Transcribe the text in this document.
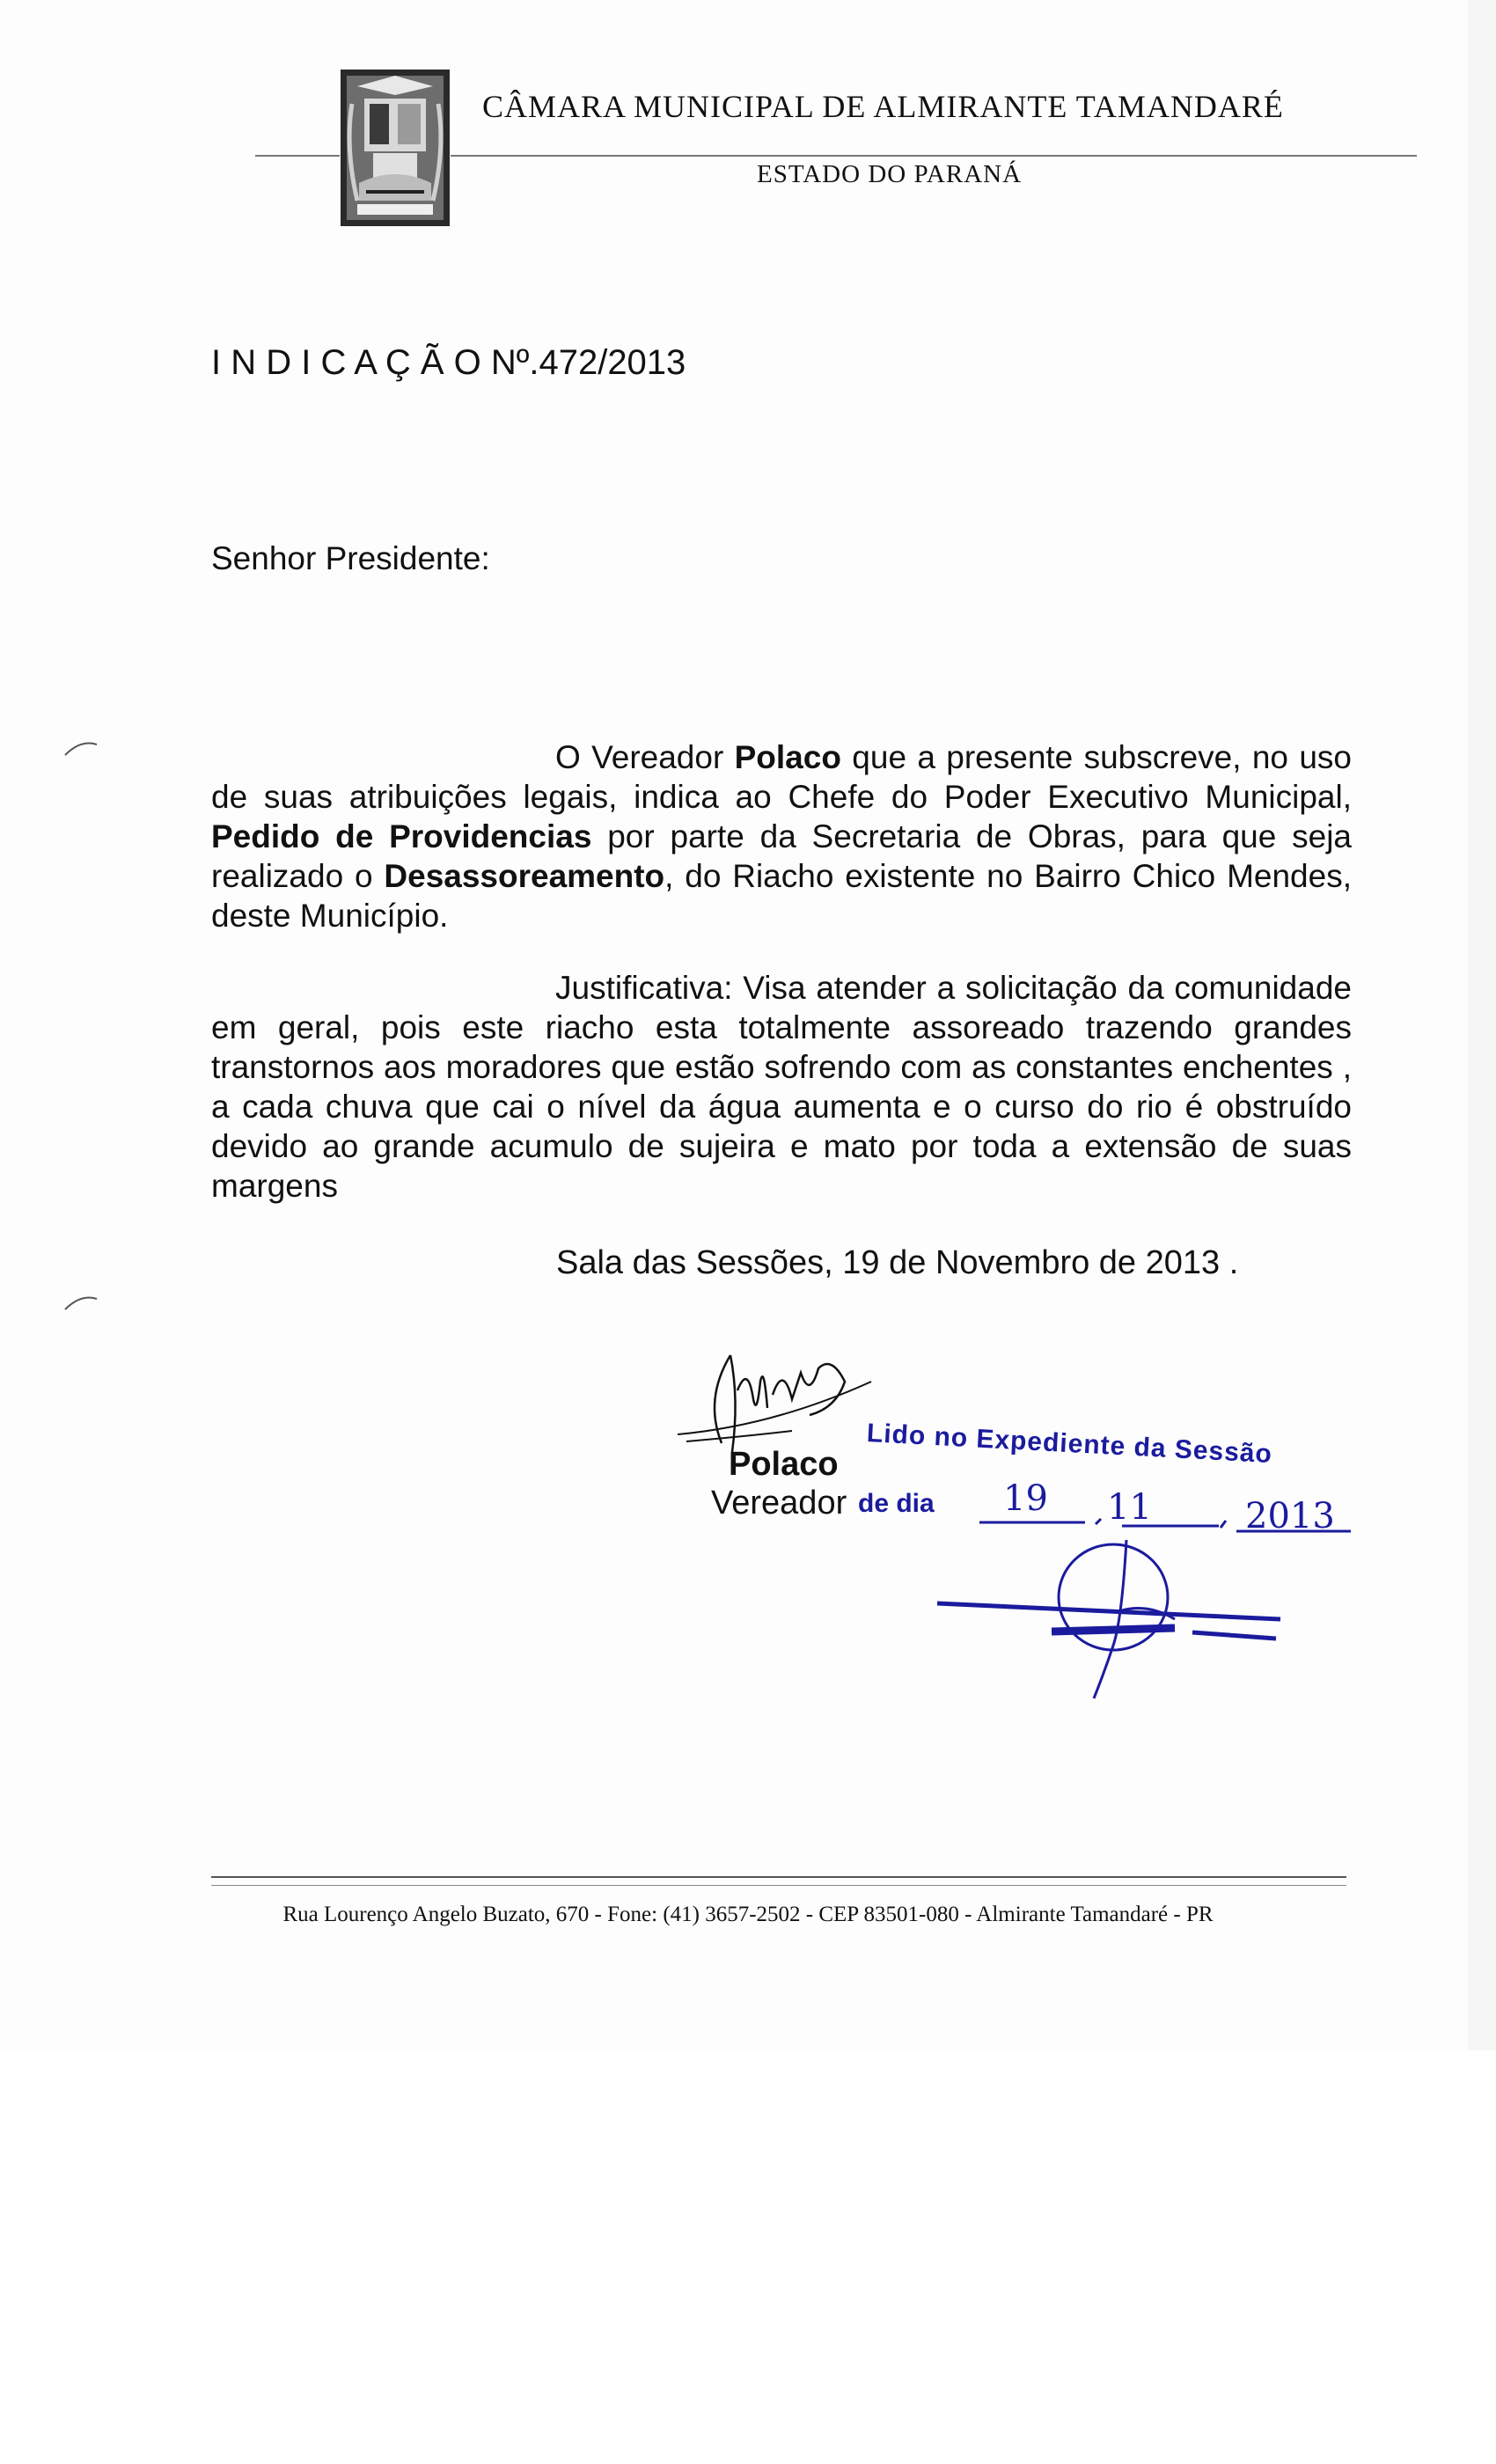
CÂMARA MUNICIPAL DE ALMIRANTE TAMANDARÉ
ESTADO DO PARANÁ
I N D I C A Ç Ã O Nº.472/2013
Senhor Presidente:
O Vereador Polaco que a presente subscreve, no uso de suas atribuições legais, indica ao Chefe do Poder Executivo Municipal, Pedido de Providencias por parte da Secretaria de Obras, para que seja realizado o Desassoreamento, do Riacho existente no Bairro Chico Mendes, deste Município.
Justificativa: Visa atender a solicitação da comunidade em geral, pois este riacho esta totalmente assoreado trazendo grandes transtornos aos moradores que estão sofrendo com as constantes enchentes , a cada chuva que cai o nível da água aumenta e o curso do rio é obstruído devido ao grande acumulo de sujeira e mato por toda a extensão de suas margens
Sala das Sessões, 19 de Novembro de 2013 .
Polaco
Vereador
Lido no Expediente da Sessão
de dia 19 11	2013
Rua Lourenço Angelo Buzato, 670 - Fone: (41) 3657-2502 - CEP 83501-080 - Almirante Tamandaré - PR
